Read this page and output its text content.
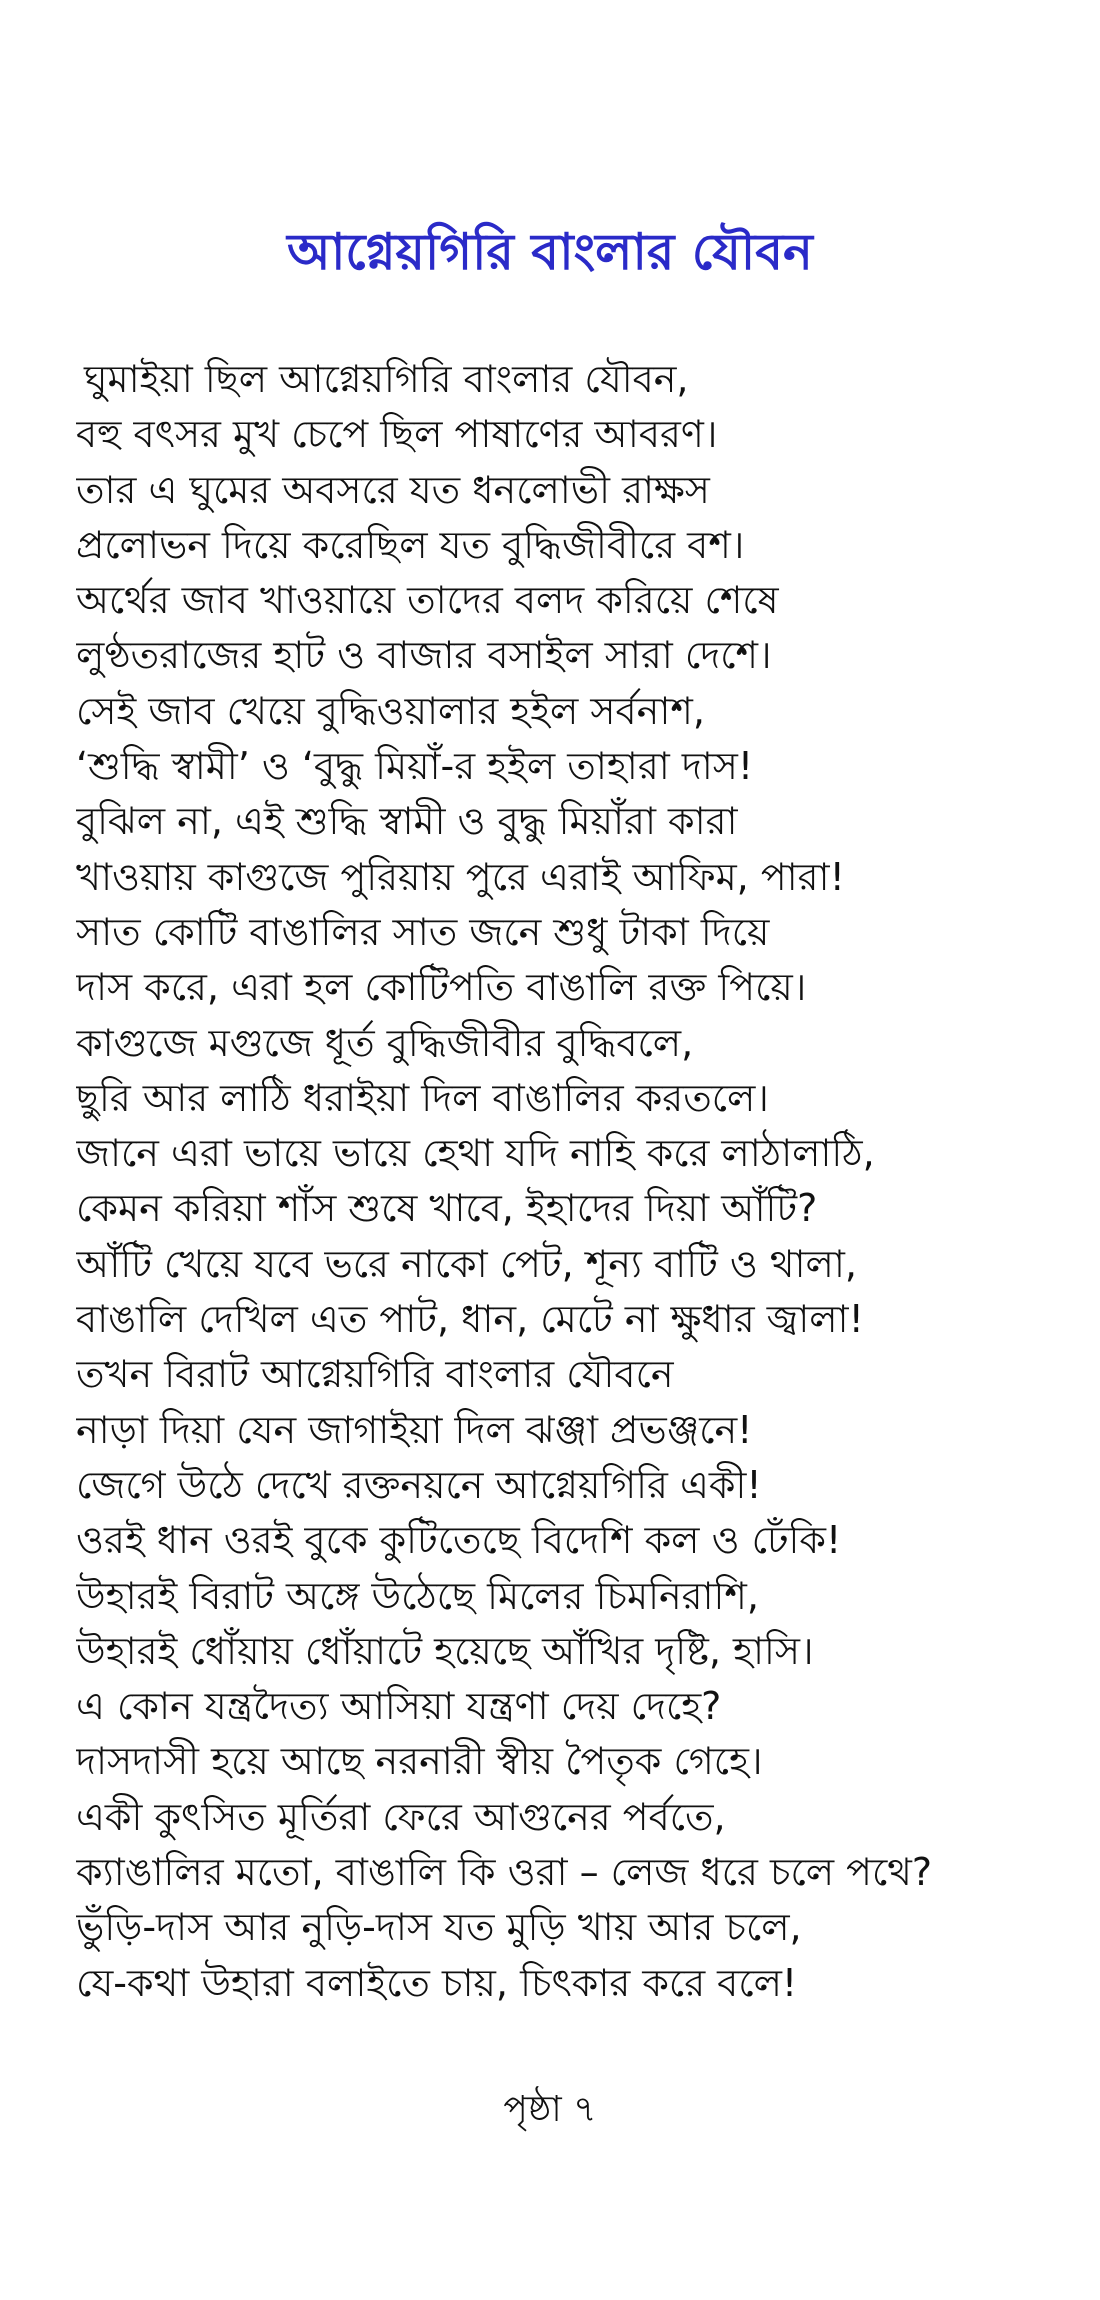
আগ্নেয়গিরি বাংলার যৌবন
ঘুমাইয়া ছিল আগ্নেয়গিরি বাংলার যৌবন,
বহু বৎসর মুখ চেপে ছিল পাষাণের আবরণ।
তার এ ঘুমের অবসরে যত ধনলোভী রাক্ষস
প্রলোভন দিয়ে করেছিল যত বুদ্ধিজীবীরে বশ।
অর্থের জাব খাওয়ায়ে তাদের বলদ করিয়ে শেষে
লুণ্ঠতরাজের হাট ও বাজার বসাইল সারা দেশে।
সেই জাব খেয়ে বুদ্ধিওয়ালার হইল সর্বনাশ,
‘শুদ্ধি স্বামী’ ও ‘বুদ্ধু মিয়াঁ-র হইল তাহারা দাস!
বুঝিল না, এই শুদ্ধি স্বামী ও বুদ্ধু মিয়াঁরা কারা
খাওয়ায় কাগুজে পুরিয়ায় পুরে এরাই আফিম, পারা!
সাত কোটি বাঙালির সাত জনে শুধু টাকা দিয়ে
দাস করে, এরা হল কোটিপতি বাঙালি রক্ত পিয়ে।
কাগুজে মগুজে ধূর্ত বুদ্ধিজীবীর বুদ্ধিবলে,
ছুরি আর লাঠি ধরাইয়া দিল বাঙালির করতলে।
জানে এরা ভায়ে ভায়ে হেথা যদি নাহি করে লাঠালাঠি,
কেমন করিয়া শাঁস শুষে খাবে, ইহাদের দিয়া আঁটি?
আঁটি খেয়ে যবে ভরে নাকো পেট, শূন্য বাটি ও থালা,
বাঙালি দেখিল এত পাট, ধান, মেটে না ক্ষুধার জ্বালা!
তখন বিরাট আগ্নেয়গিরি বাংলার যৌবনে
নাড়া দিয়া যেন জাগাইয়া দিল ঝঞ্জা প্রভঞ্জনে!
জেগে উঠে দেখে রক্তনয়নে আগ্নেয়গিরি একী!
ওরই ধান ওরই বুকে কুটিতেছে বিদেশি কল ও ঢেঁকি!
উহারই বিরাট অঙ্গে উঠেছে মিলের চিমনিরাশি,
উহারই ধোঁয়ায় ধোঁয়াটে হয়েছে আঁখির দৃষ্টি, হাসি।
এ কোন যন্ত্রদৈত্য আসিয়া যন্ত্রণা দেয় দেহে?
দাসদাসী হয়ে আছে নরনারী স্বীয় পৈতৃক গেহে।
একী কুৎসিত মূর্তিরা ফেরে আগুনের পর্বতে,
ক্যাঙালির মতো, বাঙালি কি ওরা – লেজ ধরে চলে পথে?
ভুঁড়ি-দাস আর নুড়ি-দাস যত মুড়ি খায় আর চলে,
যে-কথা উহারা বলাইতে চায়, চিৎকার করে বলে!
পৃষ্ঠা ৭
